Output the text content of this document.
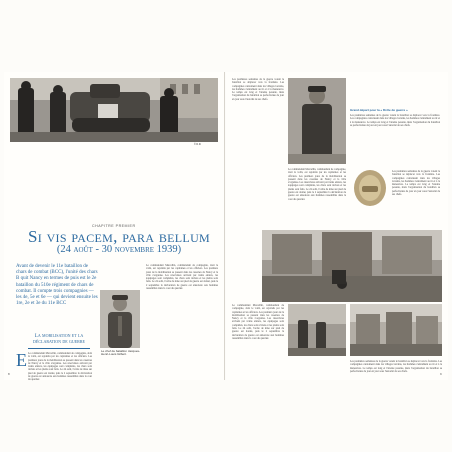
© D.R.
CHAPITRE PREMIER
Si vis pacem, para bellum
(24 août - 30 novembre 1939)
Avant de devenir le 11e bataillon de chars de combat (BCC), l'unité des chars B quit Nancy en termes de puis est le 2e bataillon du 510e régiment de chars de combat. Il compte trois compagnies — les 4e, 5e et 6e — qui devient ensuite les 1re, 2e et 3e du 11e BCC
Le chef de bataillon Jacques-Henri-Louis Gilbert.
La mobilisation et la déclaration de guerre
E Le commandant Marcellin, commandant de compagnie, dont le voilà, est rejoindu par les capitaines et les officiers. Les premiers jours de la mobilisation se passent dans les casernes de Nancy et la ville s'organise. Les réservistes arrivent par trains entiers, les équipages sont complétés, les chars sont révisés et les pleins sont faits. Le 24 août, l'ordre de mise sur pied de guerre est donné, puis le 2 septembre la déclaration de guerre est annoncée aux hommes rassemblés dans la cour du quartier.
Le commandant Marcellin, commandant de compagnie, dont le voilà, est rejoindu par les capitaines et les officiers. Les premiers jours de la mobilisation se passent dans les casernes de Nancy et la ville s'organise. Les réservistes arrivent par trains entiers, les équipages sont complétés, les chars sont révisés et les pleins sont faits. Le 24 août, l'ordre de mise sur pied de guerre est donné, puis le 2 septembre la déclaration de guerre est annoncée aux hommes rassemblés dans la cour du quartier.
8
Les premières semaines de la guerre voient le bataillon se déplacer vers la frontière. Les compagnies cantonnent dans les villages lorrains, les hommes s'entraînent au tir et à la manœuvre. Le temps est long et l'attente pesante, mais l'organisation du bataillon se perfectionne de jour en jour sous l'autorité de ses chefs.
Le commandant Marcellin, commandant de compagnie, dont le voilà, est rejoindu par les capitaines et les officiers. Les premiers jours de la mobilisation se passent dans les casernes de Nancy et la ville s'organise. Les réservistes arrivent par trains entiers, les équipages sont complétés, les chars sont révisés et les pleins sont faits. Le 24 août, l'ordre de mise sur pied de guerre est donné, puis le 2 septembre la déclaration de guerre est annoncée aux hommes rassemblés dans la cour du quartier.
Grand départ pour la « Drôle de guerre »
Les premières semaines de la guerre voient le bataillon se déplacer vers la frontière. Les compagnies cantonnent dans les villages lorrains, les hommes s'entraînent au tir et à la manœuvre. Le temps est long et l'attente pesante, mais l'organisation du bataillon se perfectionne de jour en jour sous l'autorité de ses chefs.
Les premières semaines de la guerre voient le bataillon se déplacer vers la frontière. Les compagnies cantonnent dans les villages lorrains, les hommes s'entraînent au tir et à la manœuvre. Le temps est long et l'attente pesante, mais l'organisation du bataillon se perfectionne de jour en jour sous l'autorité de ses chefs.
Le commandant Marcellin, commandant de compagnie, dont le voilà, est rejoindu par les capitaines et les officiers. Les premiers jours de la mobilisation se passent dans les casernes de Nancy et la ville s'organise. Les réservistes arrivent par trains entiers, les équipages sont complétés, les chars sont révisés et les pleins sont faits. Le 24 août, l'ordre de mise sur pied de guerre est donné, puis le 2 septembre la déclaration de guerre est annoncée aux hommes rassemblés dans la cour du quartier.
Les premières semaines de la guerre voient le bataillon se déplacer vers la frontière. Les compagnies cantonnent dans les villages lorrains, les hommes s'entraînent au tir et à la manœuvre. Le temps est long et l'attente pesante, mais l'organisation du bataillon se perfectionne de jour en jour sous l'autorité de ses chefs.
9
